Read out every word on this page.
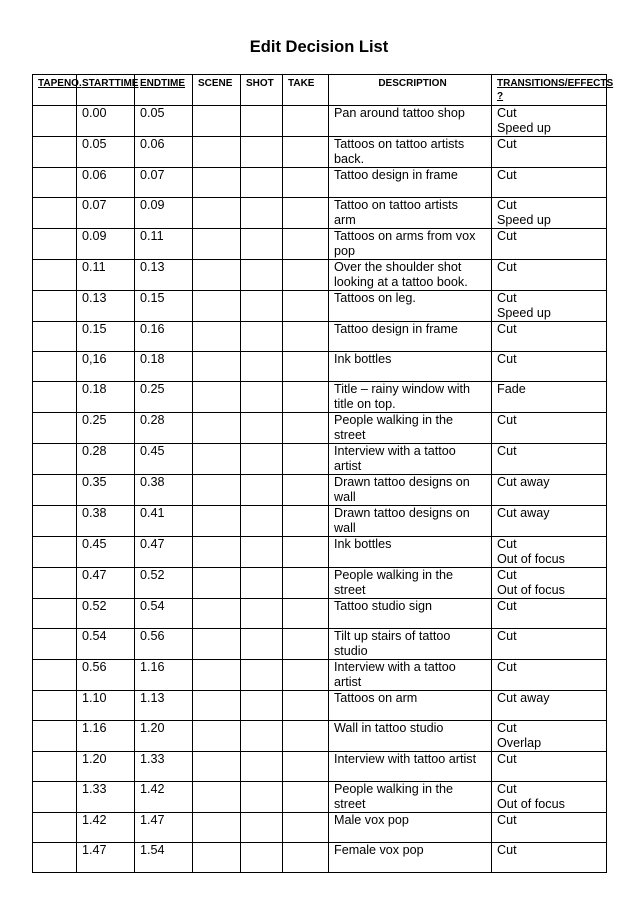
Edit Decision List
TAPENO.	STARTTIME	ENDTIME	SCENE	SHOT	TAKE	DESCRIPTION	TRANSITIONS/EFFECTS ?
	0.00	0.05				Pan around tattoo shop	Cut
Speed up

	0.05	0.06				Tattoos on tattoo artists
back.	Cut

	0.06	0.07				Tattoo design in frame	Cut

	0.07	0.09				Tattoo on tattoo artists
arm	Cut
Speed up

	0.09	0.11				Tattoos on arms from vox
pop	Cut

	0.11	0.13				Over the shoulder shot
looking at a tattoo book.	Cut

	0.13	0.15				Tattoos on leg.	Cut
Speed up

	0.15	0.16				Tattoo design in frame	Cut

	0,16	0.18				Ink bottles	Cut

	0.18	0.25				Title – rainy window with
title on top.	Fade

	0.25	0.28				People walking in the
street	Cut

	0.28	0.45				Interview with a tattoo
artist	Cut

	0.35	0.38				Drawn tattoo designs on
wall	Cut away

	0.38	0.41				Drawn tattoo designs on
wall	Cut away

	0.45	0.47				Ink bottles	Cut
Out of focus

	0.47	0.52				People walking in the
street	Cut
Out of focus

	0.52	0.54				Tattoo studio sign	Cut

	0.54	0.56				Tilt up stairs of tattoo
studio	Cut

	0.56	1.16				Interview with a tattoo
artist	Cut

	1.10	1.13				Tattoos on arm	Cut away

	1.16	1.20				Wall in tattoo studio	Cut
Overlap

	1.20	1.33				Interview with tattoo artist	Cut

	1.33	1.42				People walking in the
street	Cut
Out of focus

	1.42	1.47				Male vox pop	Cut

	1.47	1.54				Female vox pop	Cut
